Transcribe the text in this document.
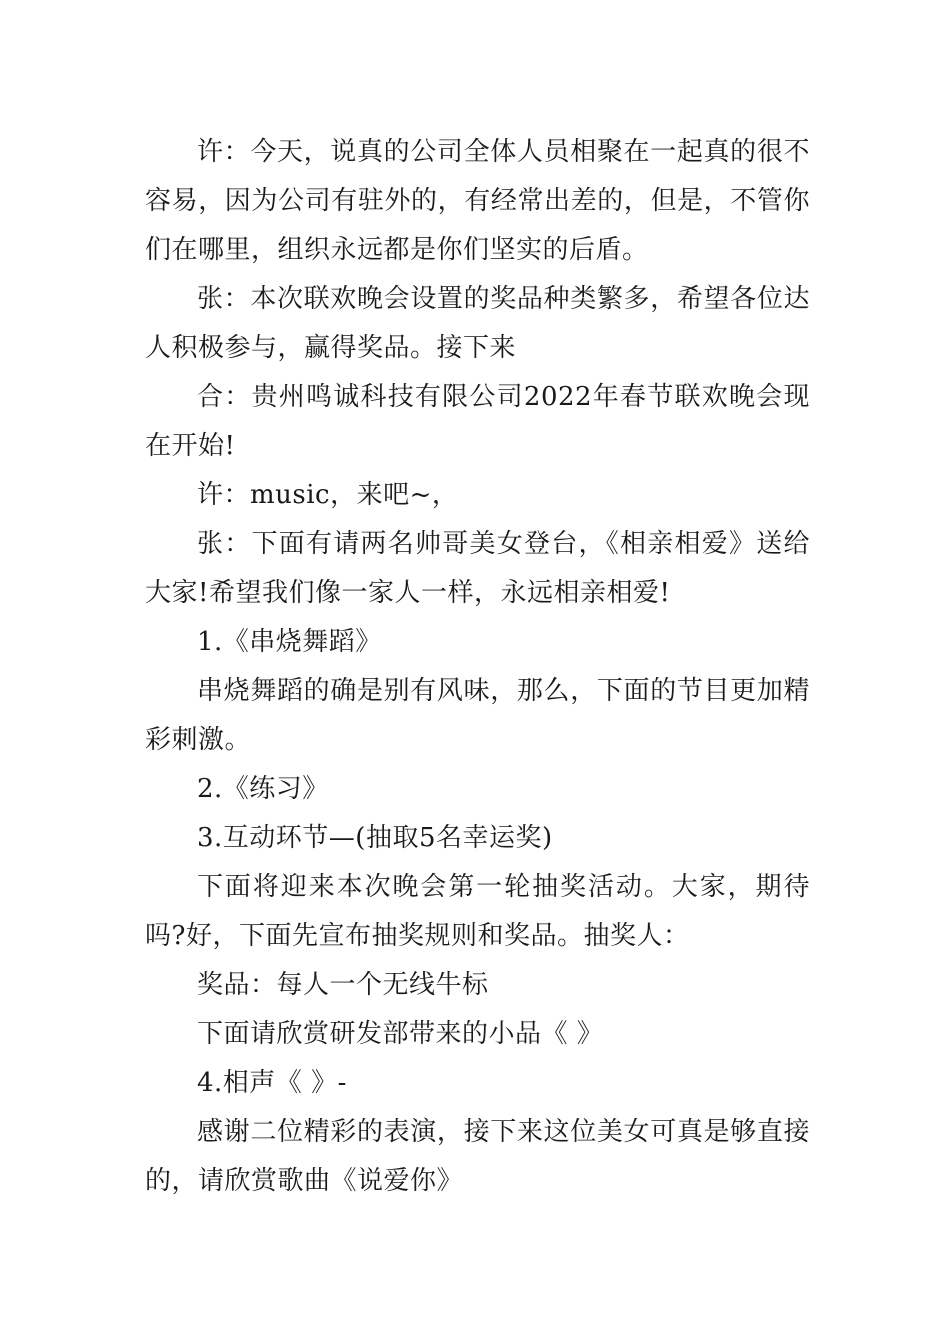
许：今天，说真的公司全体人员相聚在一起真的很不容易，因为公司有驻外的，有经常出差的，但是，不管你们在哪里，组织永远都是你们坚实的后盾。

张：本次联欢晚会设置的奖品种类繁多，希望各位达人积极参与，赢得奖品。接下来

合：贵州鸣诚科技有限公司2022年春节联欢晚会现在开始!

许：music，来吧~，

张：下面有请两名帅哥美女登台，《相亲相爱》送给大家!希望我们像一家人一样，永远相亲相爱!

1.《串烧舞蹈》

串烧舞蹈的确是别有风味，那么，下面的节目更加精彩刺激。

2.《练习》

3.互动环节—(抽取5名幸运奖)

下面将迎来本次晚会第一轮抽奖活动。大家，期待吗?好，下面先宣布抽奖规则和奖品。抽奖人：

奖品：每人一个无线牛标

下面请欣赏研发部带来的小品《 》

4.相声《 》-

感谢二位精彩的表演，接下来这位美女可真是够直接的，请欣赏歌曲《说爱你》
